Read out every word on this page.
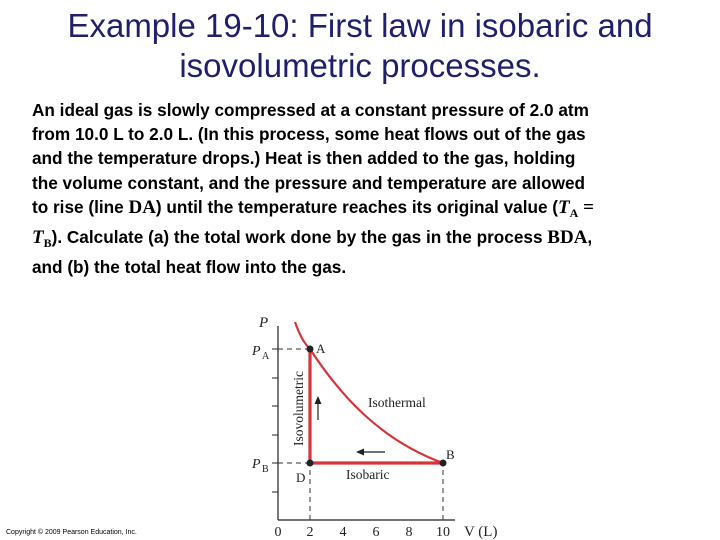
Example 19-10: First law in isobaric and
isovolumetric processes.
An ideal gas is slowly compressed at a constant pressure of 2.0 atm
from 10.0 L to 2.0 L. (In this process, some heat flows out of the gas
and the temperature drops.) Heat is then added to the gas, holding
the volume constant, and the pressure and temperature are allowed
to rise (line DA) until the temperature reaches its original value ($T_A$ =
$T_B$). Calculate (a) the total work done by the gas in the process BDA,
and (b) the total heat flow into the gas.
P
P A
P B
0 2 4 6 8 10 V (L)
A
B
D
Isovolumetric	Isothermal
Isobaric
Copyright © 2009 Pearson Education, Inc.
